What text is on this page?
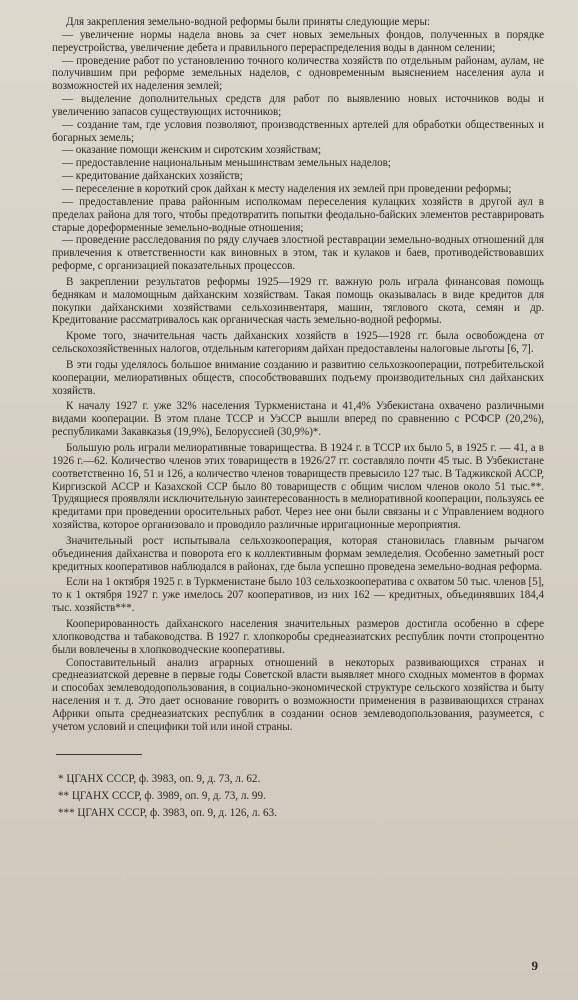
Для закрепления земельно-водной реформы были приняты следующие меры:

— увеличение нормы надела вновь за счет новых земельных фондов, полученных в порядке переустройства, увеличение дебета и правильного перераспределения воды в данном селении;

— проведение работ по установлению точного количества хозяйств по отдельным районам, аулам, не получившим при реформе земельных наделов, с одновременным выяснением населения аула и возможностей их наделения землей;

— выделение дополнительных средств для работ по выявлению новых источников воды и увеличению запасов существующих источников;

— создание там, где условия позволяют, производственных артелей для обработки общественных и богарных земель;

— оказание помощи женским и сиротским хозяйствам;

— предоставление национальным меньшинствам земельных наделов;

— кредитование дайханских хозяйств;

— переселение в короткий срок дайхан к месту наделения их землей при проведении реформы;

— предоставление права районным исполкомам переселения кулацких хозяйств в другой аул в пределах района для того, чтобы предотвратить попытки феодально-байских элементов реставрировать старые дореформенные земельно-водные отношения;

— проведение расследования по ряду случаев злостной реставрации земельно-водных отношений для привлечения к ответственности как виновных в этом, так и кулаков и баев, противодействовавших реформе, с организацией показательных процессов.

В закреплении результатов реформы 1925—1929 гг. важную роль играла финансовая помощь беднякам и маломощным дайханским хозяйствам. Такая помощь оказывалась в виде кредитов для покупки дайханскими хозяйствами сельхозинвентаря, машин, тяглового скота, семян и др. Кредитование рассматривалось как органическая часть земельно-водной реформы.

Кроме того, значительная часть дайханских хозяйств в 1925—1928 гг. была освобождена от сельскохозяйственных налогов, отдельным категориям дайхан предоставлены налоговые льготы [6, 7].

В эти годы уделялось большое внимание созданию и развитию сельхозкооперации, потребительской кооперации, мелиоративных обществ, способствовавших подъему производительных сил дайханских хозяйств.

К началу 1927 г. уже 32% населения Туркменистана и 41,4% Узбекистана охвачено различными видами кооперации. В этом плане ТССР и УзССР вышли вперед по сравнению с РСФСР (20,2%), республиками Закавказья (19,9%), Белоруссией (30,9%)*.

Большую роль играли мелиоративные товарищества. В 1924 г. в ТССР их было 5, в 1925 г. — 41, а в 1926 г.—62. Количество членов этих товариществ в 1926/27 гг. составляло почти 45 тыс. В Узбекистане соответственно 16, 51 и 126, а количество членов товариществ превысило 127 тыс. В Таджикской АССР, Киргизской АССР и Казахской ССР было 80 товариществ с общим числом членов около 51 тыс.**. Трудящиеся проявляли исключительную заинтересованность в мелиоративной кооперации, пользуясь ее кредитами при проведении оросительных работ. Через нее они были связаны и с Управлением водного хозяйства, которое организовало и проводило различные ирригационные мероприятия.

Значительный рост испытывала сельхозкооперация, которая становилась главным рычагом объединения дайханства и поворота его к коллективным формам земледелия. Особенно заметный рост кредитных кооперативов наблюдался в районах, где была успешно проведена земельно-водная реформа.

Если на 1 октября 1925 г. в Туркменистане было 103 сельхозкооператива с охватом 50 тыс. членов [5], то к 1 октября 1927 г. уже имелось 207 кооперативов, из них 162 — кредитных, объединявших 184,4 тыс. хозяйств***.

Кооперированность дайханского населения значительных размеров достигла особенно в сфере хлопководства и табаководства. В 1927 г. хлопкоробы среднеазиатских республик почти стопроцентно были вовлечены в хлопководческие кооперативы.

Сопоставительный анализ аграрных отношений в некоторых развивающихся странах и среднеазиатской деревне в первые годы Советской власти выявляет много сходных моментов в формах и способах землевододопользования, в социально-экономической структуре сельского хозяйства и быту населения и т. д. Это дает основание говорить о возможности применения в развивающихся странах Африки опыта среднеазиатских республик в создании основ землеводопользования, разумеется, с учетом условий и специфики той или иной страны.

* ЦГАНХ СССР, ф. 3983, оп. 9, д. 73, л. 62.
** ЦГАНХ СССР, ф. 3989, оп. 9, д. 73, л. 99.
*** ЦГАНХ СССР, ф. 3983, оп. 9, д. 126, л. 63.
9
